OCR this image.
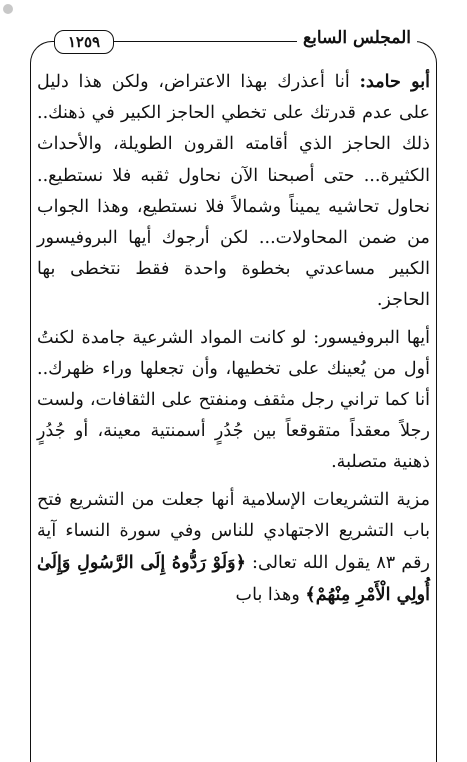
المجلس السابع
١٢٥٩

أبو حامد: أنا أعذرك بهذا الاعتراض، ولكن هذا دليل على عدم قدرتك على تخطي الحاجز الكبير في ذهنك.. ذلك الحاجز الذي أقامته القرون الطويلة، والأحداث الكثيرة... حتى أصبحنا الآن نحاول ثقبه فلا نستطيع.. نحاول تحاشيه يميناً وشمالاً فلا نستطيع، وهذا الجواب من ضمن المحاولات... لكن أرجوك أيها البروفيسور الكبير مساعدتي بخطوة واحدة فقط نتخطى بها الحاجز.

أيها البروفيسور: لو كانت المواد الشرعية جامدة لكنتُ أول من يُعينك على تخطيها، وأن تجعلها وراء ظهرك.. أنا كما تراني رجل مثقف ومنفتح على الثقافات، ولست رجلاً معقداً متقوقعاً بين جُدُرٍ أسمنتية معينة، أو جُدُرٍ ذهنية متصلبة.

مزية التشريعات الإسلامية أنها جعلت من التشريع فتح باب التشريع الاجتهادي للناس وفي سورة النساء آية رقم ٨٣ يقول الله تعالى: ﴿وَلَوْ رَدُّوهُ إِلَى الرَّسُولِ وَإِلَىٰ أُولِي الْأَمْرِ مِنْهُمْ﴾ وهذا باب
